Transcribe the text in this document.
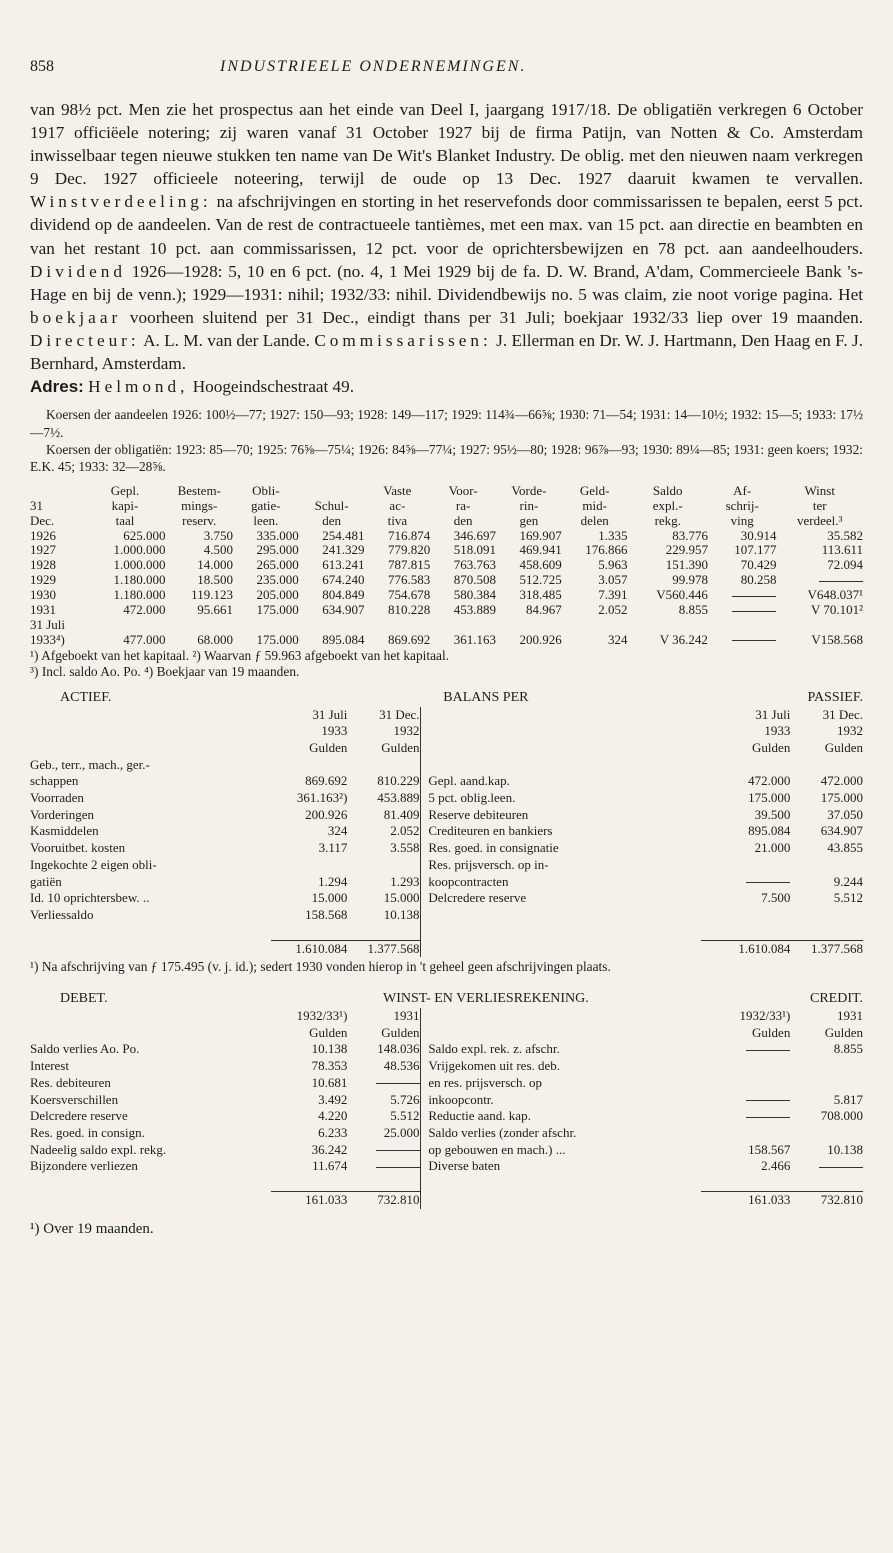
858	INDUSTRIEELE ONDERNEMINGEN.

van 98½ pct. Men zie het prospectus aan het einde van Deel I, jaargang 1917/18. De obligatiën verkregen 6 October 1917 officiëele notering; zij waren vanaf 31 October 1927 bij de firma Patijn, van Notten & Co. Amsterdam inwisselbaar tegen nieuwe stukken ten name van De Wit's Blanket Industry. De oblig. met den nieuwen naam verkregen 9 Dec. 1927 officieele noteering, terwijl de oude op 13 Dec. 1927 daaruit kwamen te vervallen. Winstverdeeling: na afschrijvingen en storting in het reservefonds door commissarissen te bepalen, eerst 5 pct. dividend op de aandeelen. Van de rest de contractueele tantièmes, met een max. van 15 pct. aan directie en beambten en van het restant 10 pct. aan commissarissen, 12 pct. voor de oprichtersbewijzen en 78 pct. aan aandeelhouders. Dividend 1926—1928: 5, 10 en 6 pct. (no. 4, 1 Mei 1929 bij de fa. D. W. Brand, A'dam, Commercieele Bank 's-Hage en bij de venn.); 1929—1931: nihil; 1932/33: nihil. Dividendbewijs no. 5 was claim, zie noot vorige pagina. Het boekjaar voorheen sluitend per 31 Dec., eindigt thans per 31 Juli; boekjaar 1932/33 liep over 19 maanden. Directeur: A. L. M. van der Lande. Commissarissen: J. Ellerman en Dr. W. J. Hartmann, Den Haag en F. J. Bernhard, Amsterdam.

Adres: Helmond, Hoogeindschestraat 49.

Koersen der aandeelen 1926: 100½—77; 1927: 150—93; 1928: 149—117; 1929: 114¾—66⅝; 1930: 71—54; 1931: 14—10½; 1932: 15—5; 1933: 17½—7½.

Koersen der obligatiën: 1923: 85—70; 1925: 76⅝—75¼; 1926: 84⅝—77¼; 1927: 95½—80; 1928: 96⅞—93; 1930: 89¼—85; 1931: geen koers; 1932: E.K. 45; 1933: 32—28⅝.

	Gepl.	Bestem-	Obli-		Vaste	Voor-	Vorde-	Geld-	Saldo	Af-	Winst
31	kapi-	mings-	gatie-	Schul-	ac-	ra-	rin-	mid-	expl.-	schrij-	ter
Dec.	taal	reserv.	leen.	den	tiva	den	gen	delen	rekg.	ving	verdeel.³
1926	625.000	3.750	335.000	254.481	716.874	346.697	169.907	1.335	83.776	30.914	35.582
1927	1.000.000	4.500	295.000	241.329	779.820	518.091	469.941	176.866	229.957	107.177	113.611
1928	1.000.000	14.000	265.000	613.241	787.815	763.763	458.609	5.963	151.390	70.429	72.094
1929	1.180.000	18.500	235.000	674.240	776.583	870.508	512.725	3.057	99.978	80.258	
1930	1.180.000	119.123	205.000	804.849	754.678	580.384	318.485	7.391	V560.446		V648.037¹
1931	472.000	95.661	175.000	634.907	810.228	453.889	84.967	2.052	8.855		V 70.101²
31 Juli											
1933⁴)	477.000	68.000	175.000	895.084	869.692	361.163	200.926	324	V 36.242		V158.568

¹) Afgeboekt van het kapitaal. ²) Waarvan ƒ 59.963 afgeboekt van het kapitaal.

³) Incl. saldo Ao. Po. ⁴) Boekjaar van 19 maanden.

ACTIEF.	BALANS PER					PASSIEF.
	31 Juli	31 Dec.			31 Juli	31 Dec.
	1933	1932			1933	1932
	Gulden	Gulden			Gulden	Gulden
Geb., terr., mach., ger.-						
schappen	869.692	810.229		Gepl. aand.kap.	472.000	472.000
Voorraden	361.163²)	453.889		5 pct. oblig.leen.	175.000	175.000
Vorderingen	200.926	81.409		Reserve debiteuren	39.500	37.050
Kasmiddelen	324	2.052		Crediteuren en bankiers	895.084	634.907
Vooruitbet. kosten	3.117	3.558		Res. goed. in consignatie	21.000	43.855
Ingekochte 2 eigen obli-				Res. prijsversch. op in-		
gatiën	1.294	1.293		koopcontracten		9.244
Id. 10 oprichtersbew. ..	15.000	15.000		Delcredere reserve	7.500	5.512
Verliessaldo	158.568	10.138				

	1.610.084	1.377.568			1.610.084	1.377.568

¹) Na afschrijving van ƒ 175.495 (v. j. id.); sedert 1930 vonden hierop in 't geheel geen afschrijvingen plaats.

DEBET.	WINST- EN VERLIESREKENING.					CREDIT.
	1932/33¹)	1931			1932/33¹)	1931
	Gulden	Gulden			Gulden	Gulden
Saldo verlies Ao. Po.	10.138	148.036		Saldo expl. rek. z. afschr.		8.855
Interest	78.353	48.536		Vrijgekomen uit res. deb.		
Res. debiteuren	10.681			en res. prijsversch. op		
Koersverschillen	3.492	5.726		inkoopcontr.		5.817
Delcredere reserve	4.220	5.512		Reductie aand. kap.		708.000
Res. goed. in consign.	6.233	25.000		Saldo verlies (zonder afschr.		
Nadeelig saldo expl. rekg.	36.242			op gebouwen en mach.) ...	158.567	10.138
Bijzondere verliezen	11.674			Diverse baten	2.466	

	161.033	732.810			161.033	732.810

¹) Over 19 maanden.
